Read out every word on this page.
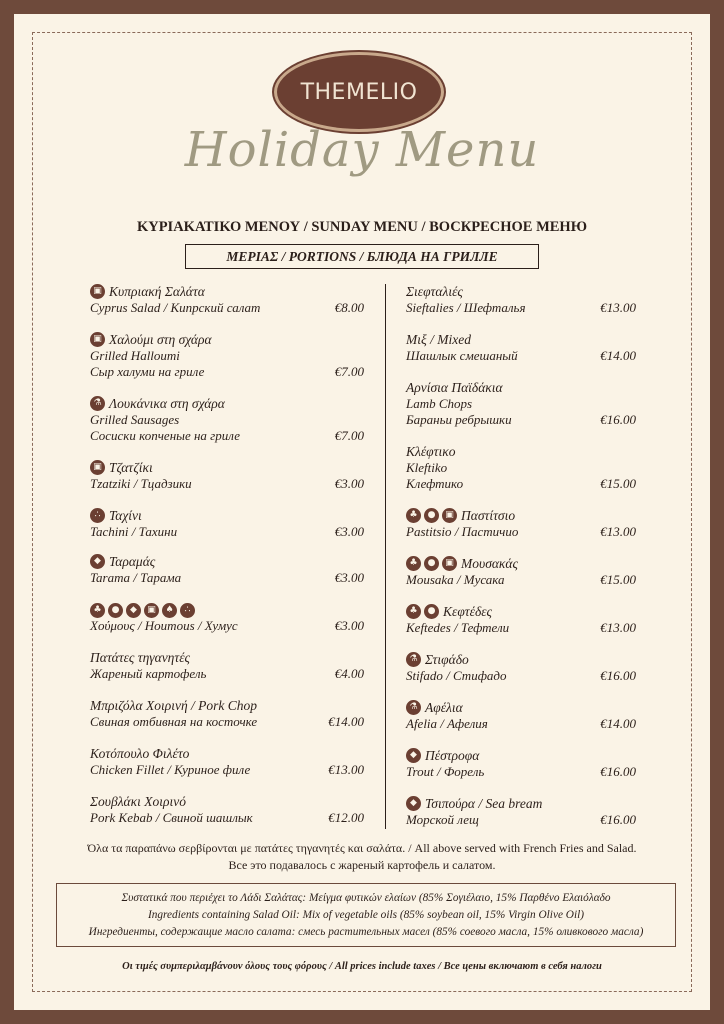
THEMELIO
Holiday Menu
ΚΥΡΙΑΚΑΤΙΚΟ ΜΕΝΟΥ / SUNDAY MENU / ВОСКРЕСНОЕ МЕНЮ
ΜΕΡΙΑΣ / PORTIONS / БЛЮДА НА ГРИЛЛЕ
▣ Κυπριακή Σαλάτα
Cyprus Salad / Кипрский салат	€8.00
▣ Χαλούμι στη σχάρα
Grilled Halloumi
Сыр халуми на гриле	€7.00
⚗ Λουκάνικα στη σχάρα
Grilled Sausages
Сосиски копченые на гриле	€7.00
▣ Τζατζίκι
Tzatziki / Тцадзики	€3.00
∴ Ταχίνι
Tachini / Тахини	€3.00
◆ Ταραμάς
Tarama / Тарама	€3.00
♣	●	◆	▣	♠	∴
Χούμους / Houmous / Хумус	€3.00
Πατάτες τηγανητές
Жареный картофель	€4.00
Μπριζόλα Χοιρινή / Pork Chop
Свиная отбивная на косточке	€14.00
Κοτόπουλο Φιλέτο
Chicken Fillet / Куриное филе	€13.00
Σουβλάκι Χοιρινό
Pork Kebab / Свиной шашлык	€12.00
Σιεφταλιές
Sieftalies / Шефталья	€13.00
Μιξ / Mixed
Шашлык смешаный	€14.00
Αρνίσια Παϊδάκια
Lamb Chops
Бараньи ребрышки	€16.00
Κλέφτικο
Kleftiko
Клефтико	€15.00
♣	●	▣ Παστίτσιο
Pastitsio / Пастичио	€13.00
♣	●	▣ Μουσακάς
Mousaka / Мусака	€15.00
♣	● Κεφτέδες
Keftedes / Тефтели	€13.00
⚗ Στιφάδο
Stifado / Стифадо	€16.00
⚗ Αφέλια
Afelia / Афелия	€14.00
◆ Πέστροφα
Trout / Форель	€16.00
◆ Τσιπούρα / Sea bream
Морской лещ	€16.00
Όλα τα παραπάνω σερβίρονται με πατάτες τηγανητές και σαλάτα. / All above served with French Fries and Salad.
Все это подавалось с жареный картофель и салатом.
Συστατικά που περιέχει το Λάδι Σαλάτας: Μείγμα φυτικών ελαίων (85% Σογιέλαιο, 15% Παρθένο Ελαιόλαδο
Ingredients containing Salad Oil: Mix of vegetable oils (85% soybean oil, 15% Virgin Olive Oil)
Ингредиенты, содержащие масло салата: смесь растительных масел (85% соевого масла, 15% оливкового масла)
Οι τιμές συμπεριλαμβάνουν όλους τους φόρους / All prices include taxes / Все цены включают в себя налоги
